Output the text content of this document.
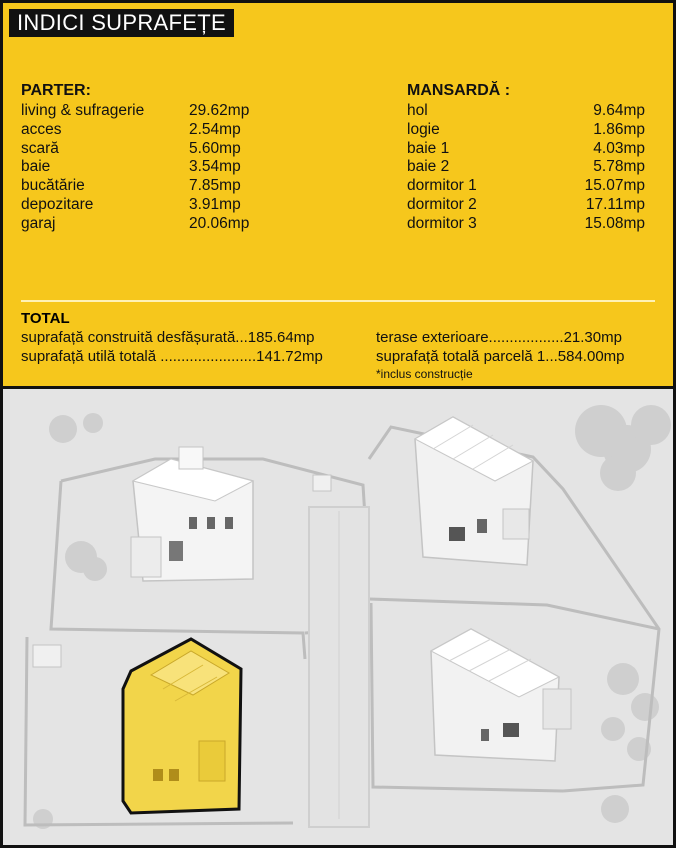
INDICI SUPRAFEȚE
PARTER:
living & sufragerie	29.62mp
acces	2.54mp
scară	5.60mp
baie	3.54mp
bucătărie	7.85mp
depozitare	3.91mp
garaj	20.06mp
MANSARDĂ :
hol	9.64mp
logie	1.86mp
baie 1	4.03mp
baie 2	5.78mp
dormitor 1	15.07mp
dormitor 2	17.11mp
dormitor 3	15.08mp
TOTAL
suprafață construită desfășurată...185.64mp
suprafață utilă totală .......................141.72mp
terase exterioare..................21.30mp
suprafață totală parcelă 1...584.00mp
*inclus construcție
